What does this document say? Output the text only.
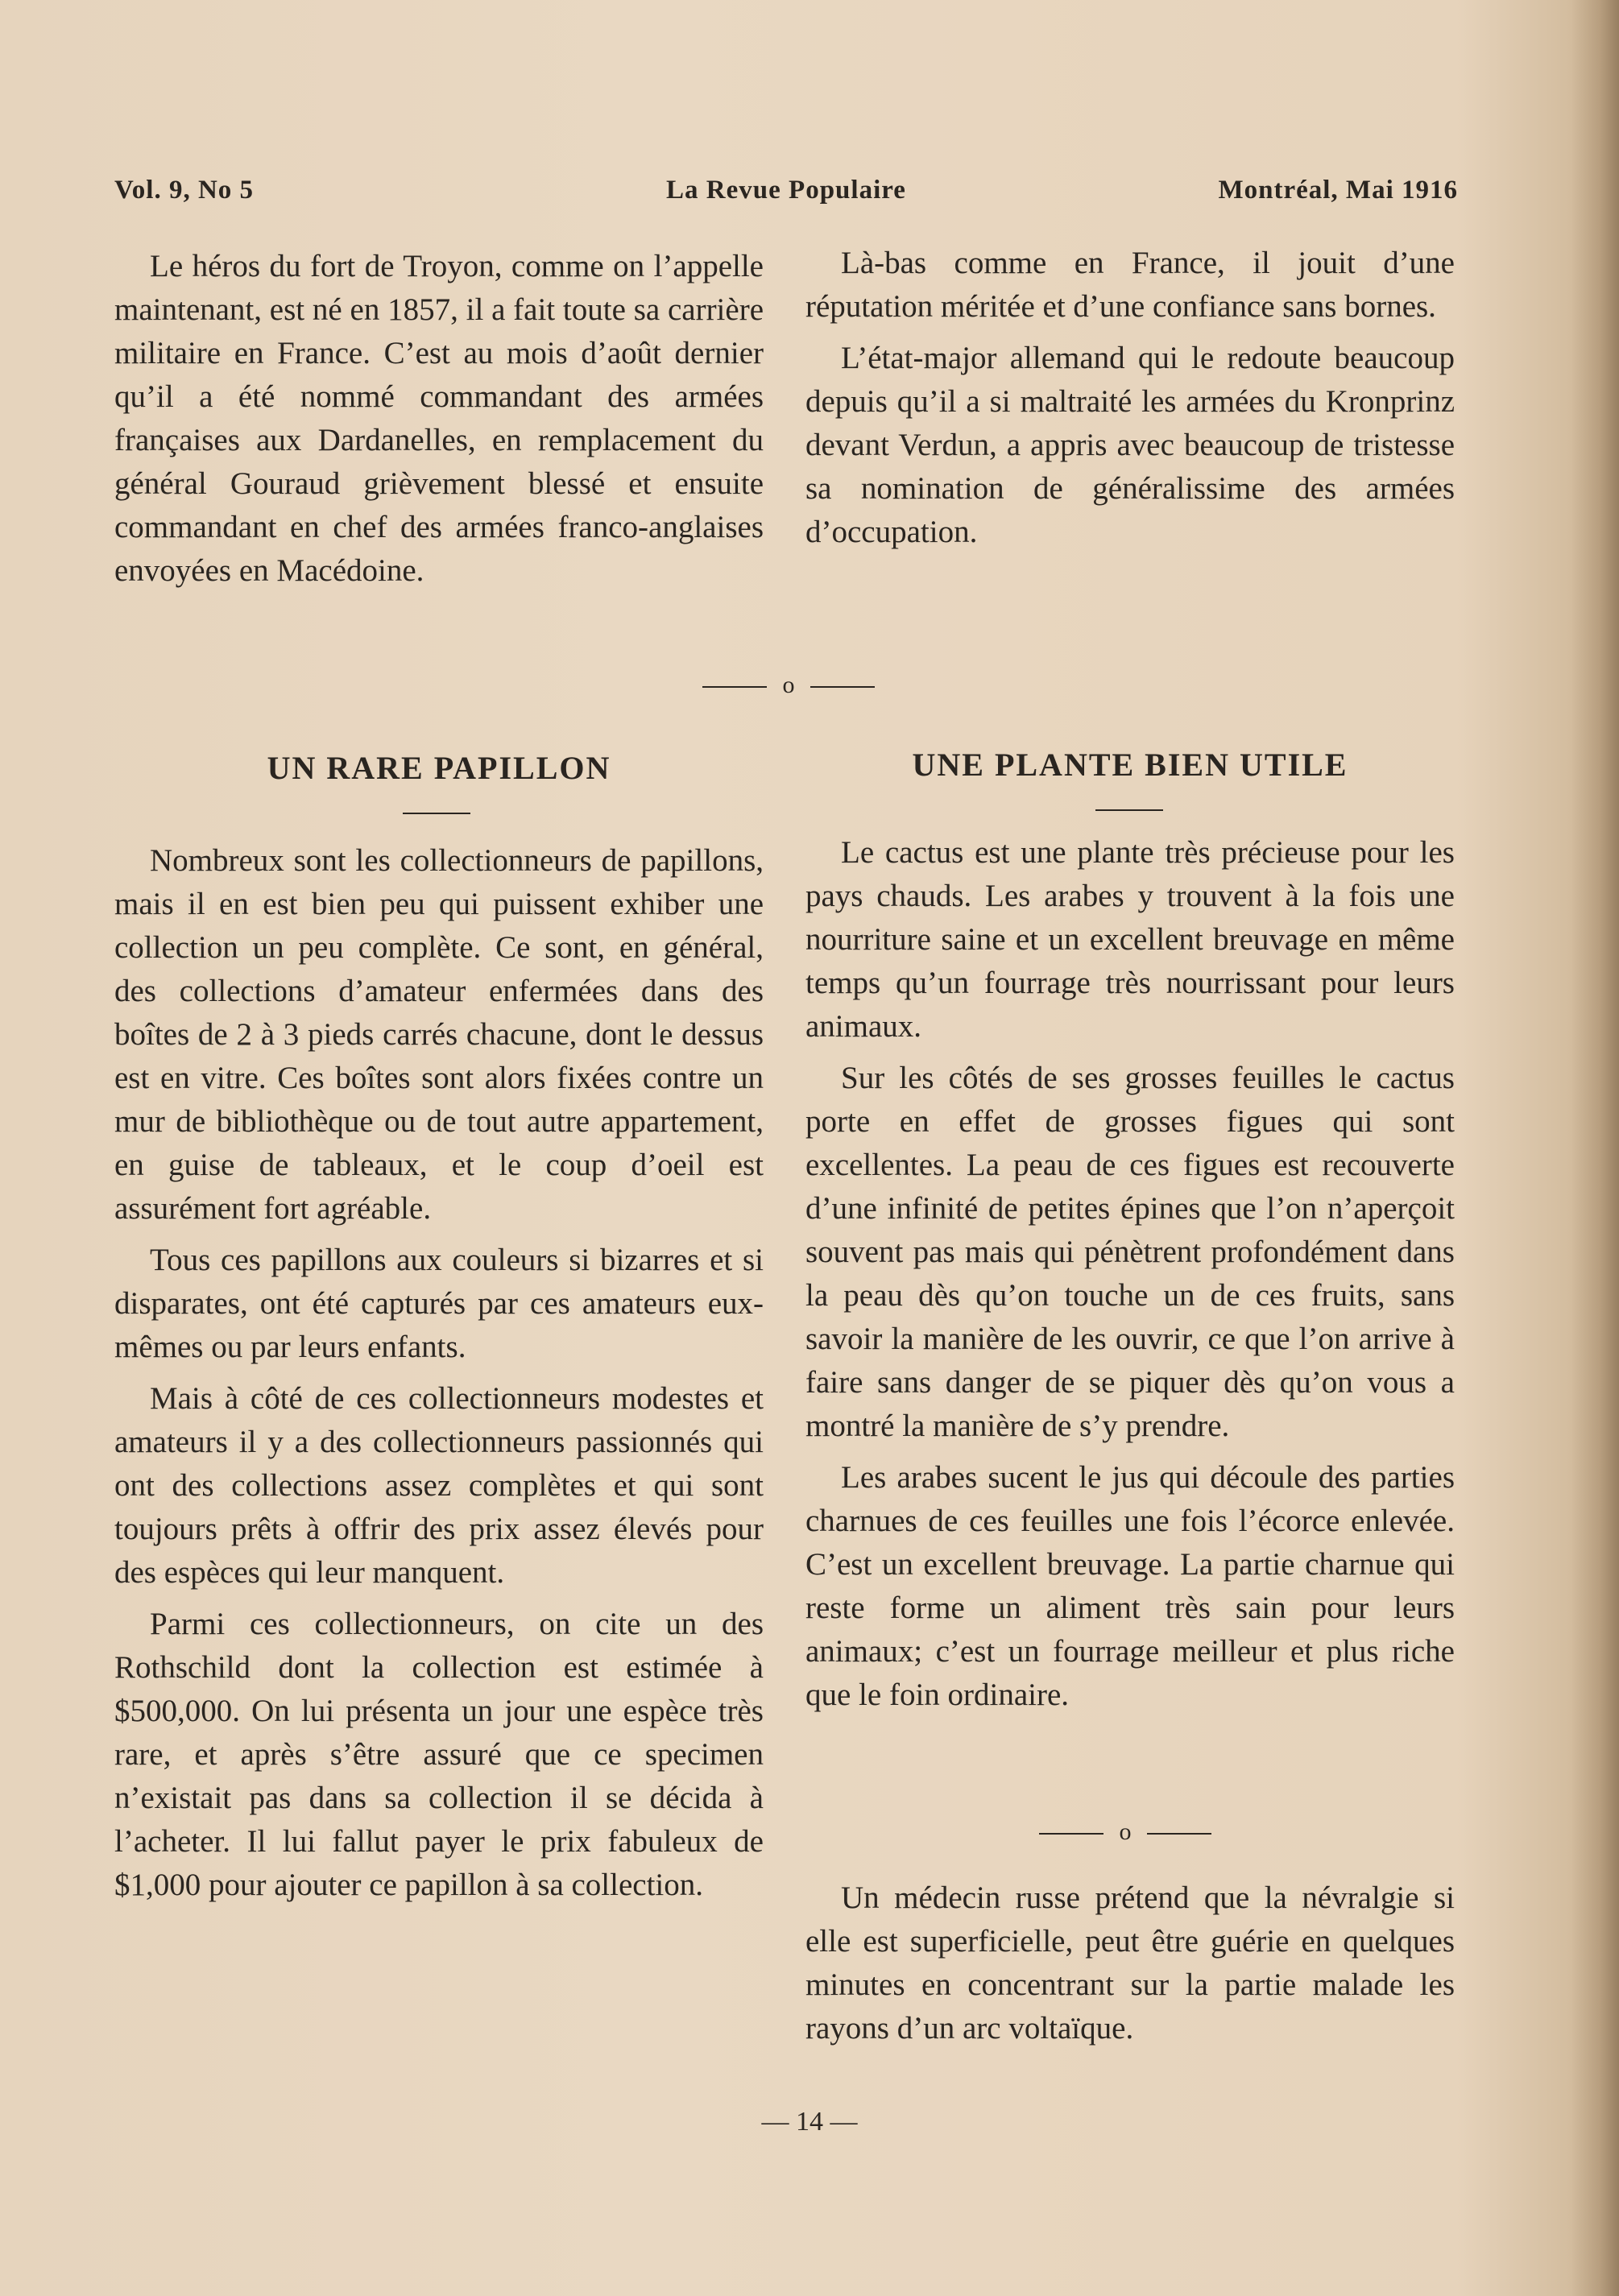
Vol. 9, No 5	La Revue Populaire	Montréal, Mai 1916

Le héros du fort de Troyon, comme on l’appelle maintenant, est né en 1857, il a fait toute sa carrière militaire en France. C’est au mois d’août dernier qu’il a été nommé commandant des armées françaises aux Dardanelles, en remplacement du général Gouraud grièvement blessé et ensuite commandant en chef des armées franco-anglaises envoyées en Macédoine.

Là-bas comme en France, il jouit d’une réputation méritée et d’une confiance sans bornes.

L’état-major allemand qui le redoute beaucoup depuis qu’il a si maltraité les armées du Kronprinz devant Verdun, a appris avec beaucoup de tristesse sa nomination de généralissime des armées d’occupation.

o
UN RARE PAPILLON	UNE PLANTE BIEN UTILE

Nombreux sont les collectionneurs de papillons, mais il en est bien peu qui puissent exhiber une collection un peu complète. Ce sont, en général, des collections d’amateur enfermées dans des boîtes de 2 à 3 pieds carrés chacune, dont le dessus est en vitre. Ces boîtes sont alors fixées contre un mur de bibliothèque ou de tout autre appartement, en guise de tableaux, et le coup d’oeil est assurément fort agréable.

Tous ces papillons aux couleurs si bizarres et si disparates, ont été capturés par ces amateurs eux-mêmes ou par leurs enfants.

Mais à côté de ces collectionneurs modestes et amateurs il y a des collectionneurs passionnés qui ont des collections assez complètes et qui sont toujours prêts à offrir des prix assez élevés pour des espèces qui leur manquent.

Parmi ces collectionneurs, on cite un des Rothschild dont la collection est estimée à $500,000. On lui présenta un jour une espèce très rare, et après s’être assuré que ce specimen n’existait pas dans sa collection il se décida à l’acheter. Il lui fallut payer le prix fabuleux de $1,000 pour ajouter ce papillon à sa collection.

Le cactus est une plante très précieuse pour les pays chauds. Les arabes y trouvent à la fois une nourriture saine et un excellent breuvage en même temps qu’un fourrage très nourrissant pour leurs animaux.

Sur les côtés de ses grosses feuilles le cactus porte en effet de grosses figues qui sont excellentes. La peau de ces figues est recouverte d’une infinité de petites épines que l’on n’aperçoit souvent pas mais qui pénètrent profondément dans la peau dès qu’on touche un de ces fruits, sans savoir la manière de les ouvrir, ce que l’on arrive à faire sans danger de se piquer dès qu’on vous a montré la manière de s’y prendre.

Les arabes sucent le jus qui découle des parties charnues de ces feuilles une fois l’écorce enlevée. C’est un excellent breuvage. La partie charnue qui reste forme un aliment très sain pour leurs animaux; c’est un fourrage meilleur et plus riche que le foin ordinaire.

o

Un médecin russe prétend que la névralgie si elle est superficielle, peut être guérie en quelques minutes en concentrant sur la partie malade les rayons d’un arc voltaïque.

— 14 —
